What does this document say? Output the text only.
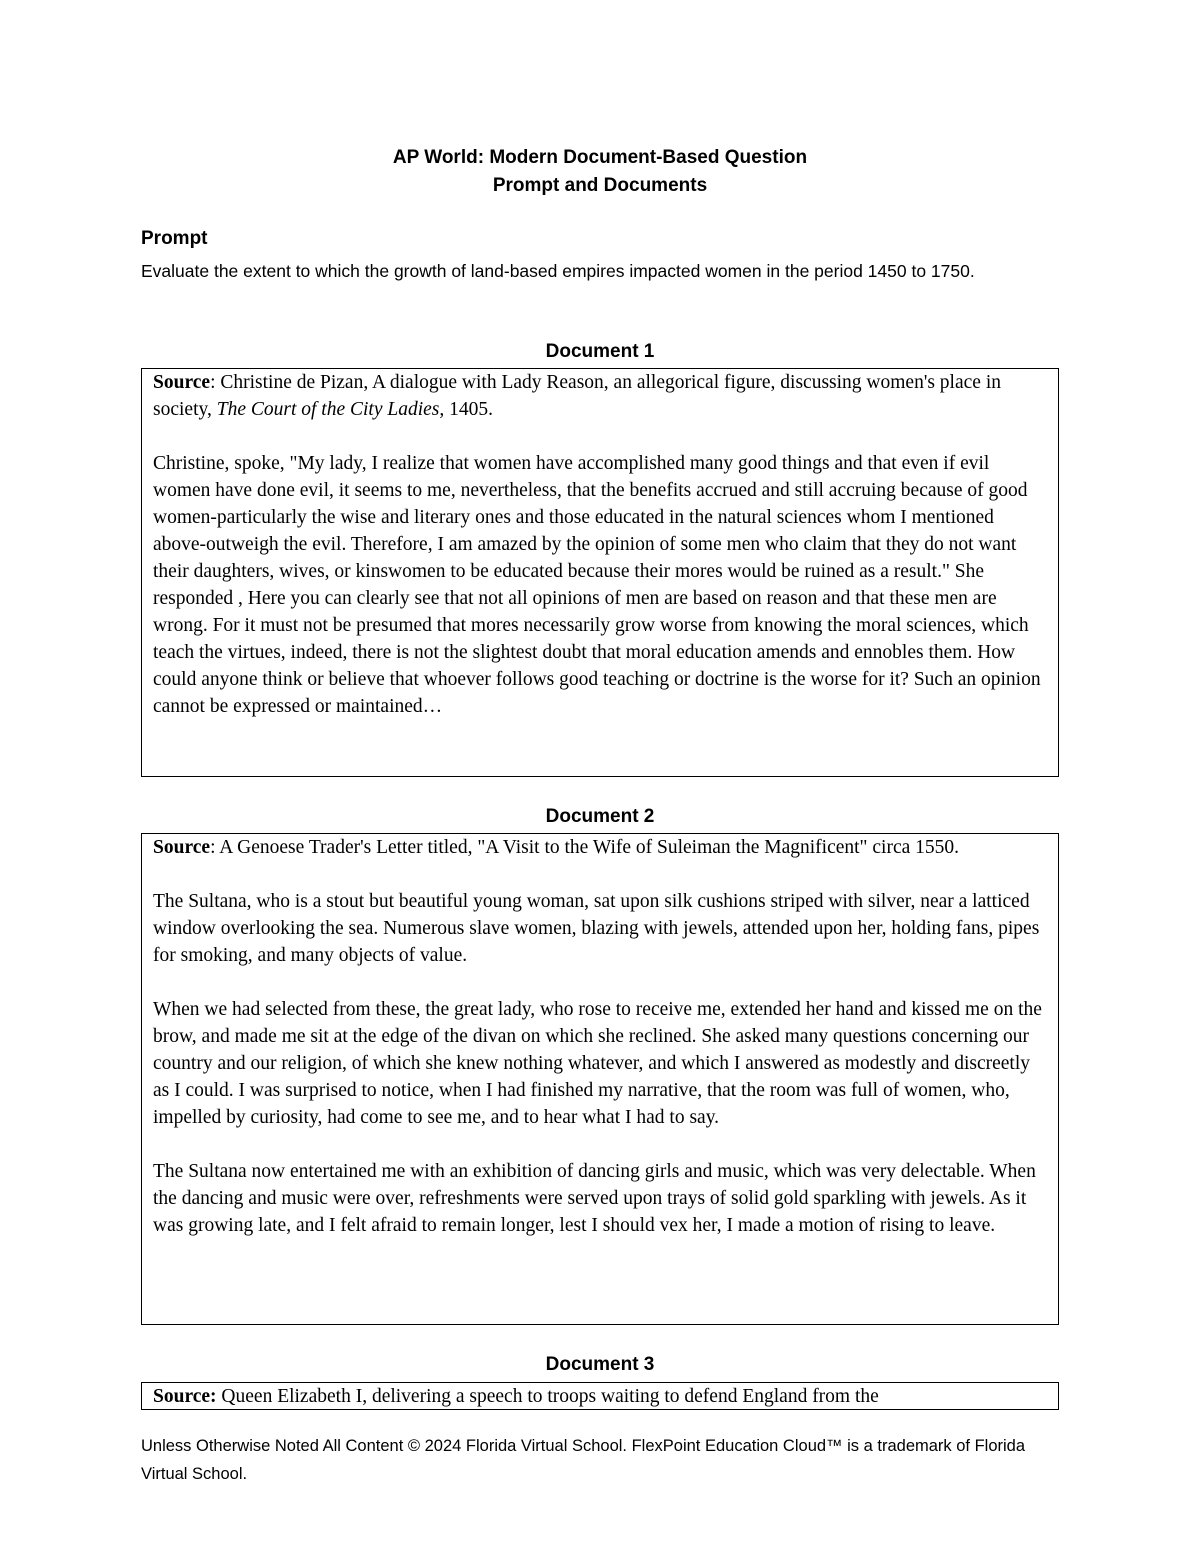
AP World: Modern Document-Based Question
Prompt and Documents
Prompt
Evaluate the extent to which the growth of land-based empires impacted women in the period 1450 to 1750.
Document 1

Source: Christine de Pizan, A dialogue with Lady Reason, an allegorical figure, discussing women's place in society, The Court of the City Ladies, 1405.

Christine, spoke, "My lady, I realize that women have accomplished many good things and that even if evil women have done evil, it seems to me, nevertheless, that the benefits accrued and still accruing because of good women-particularly the wise and literary ones and those educated in the natural sciences whom I mentioned above-outweigh the evil. Therefore, I am amazed by the opinion of some men who claim that they do not want their daughters, wives, or kinswomen to be educated because their mores would be ruined as a result." She responded , Here you can clearly see that not all opinions of men are based on reason and that these men are wrong. For it must not be presumed that mores necessarily grow worse from knowing the moral sciences, which teach the virtues, indeed, there is not the slightest doubt that moral education amends and ennobles them. How could anyone think or believe that whoever follows good teaching or doctrine is the worse for it? Such an opinion cannot be expressed or maintained…

Document 2

Source: A Genoese Trader's Letter titled, "A Visit to the Wife of Suleiman the Magnificent" circa 1550.

The Sultana, who is a stout but beautiful young woman, sat upon silk cushions striped with silver, near a latticed window overlooking the sea. Numerous slave women, blazing with jewels, attended upon her, holding fans, pipes for smoking, and many objects of value.

When we had selected from these, the great lady, who rose to receive me, extended her hand and kissed me on the brow, and made me sit at the edge of the divan on which she reclined. She asked many questions concerning our country and our religion, of which she knew nothing whatever, and which I answered as modestly and discreetly as I could. I was surprised to notice, when I had finished my narrative, that the room was full of women, who, impelled by curiosity, had come to see me, and to hear what I had to say.

The Sultana now entertained me with an exhibition of dancing girls and music, which was very delectable. When the dancing and music were over, refreshments were served upon trays of solid gold sparkling with jewels. As it was growing late, and I felt afraid to remain longer, lest I should vex her, I made a motion of rising to leave.

Document 3

Source: Queen Elizabeth I, delivering a speech to troops waiting to defend England from the

Unless Otherwise Noted All Content © 2024 Florida Virtual School. FlexPoint Education Cloud™ is a trademark of Florida Virtual School.
